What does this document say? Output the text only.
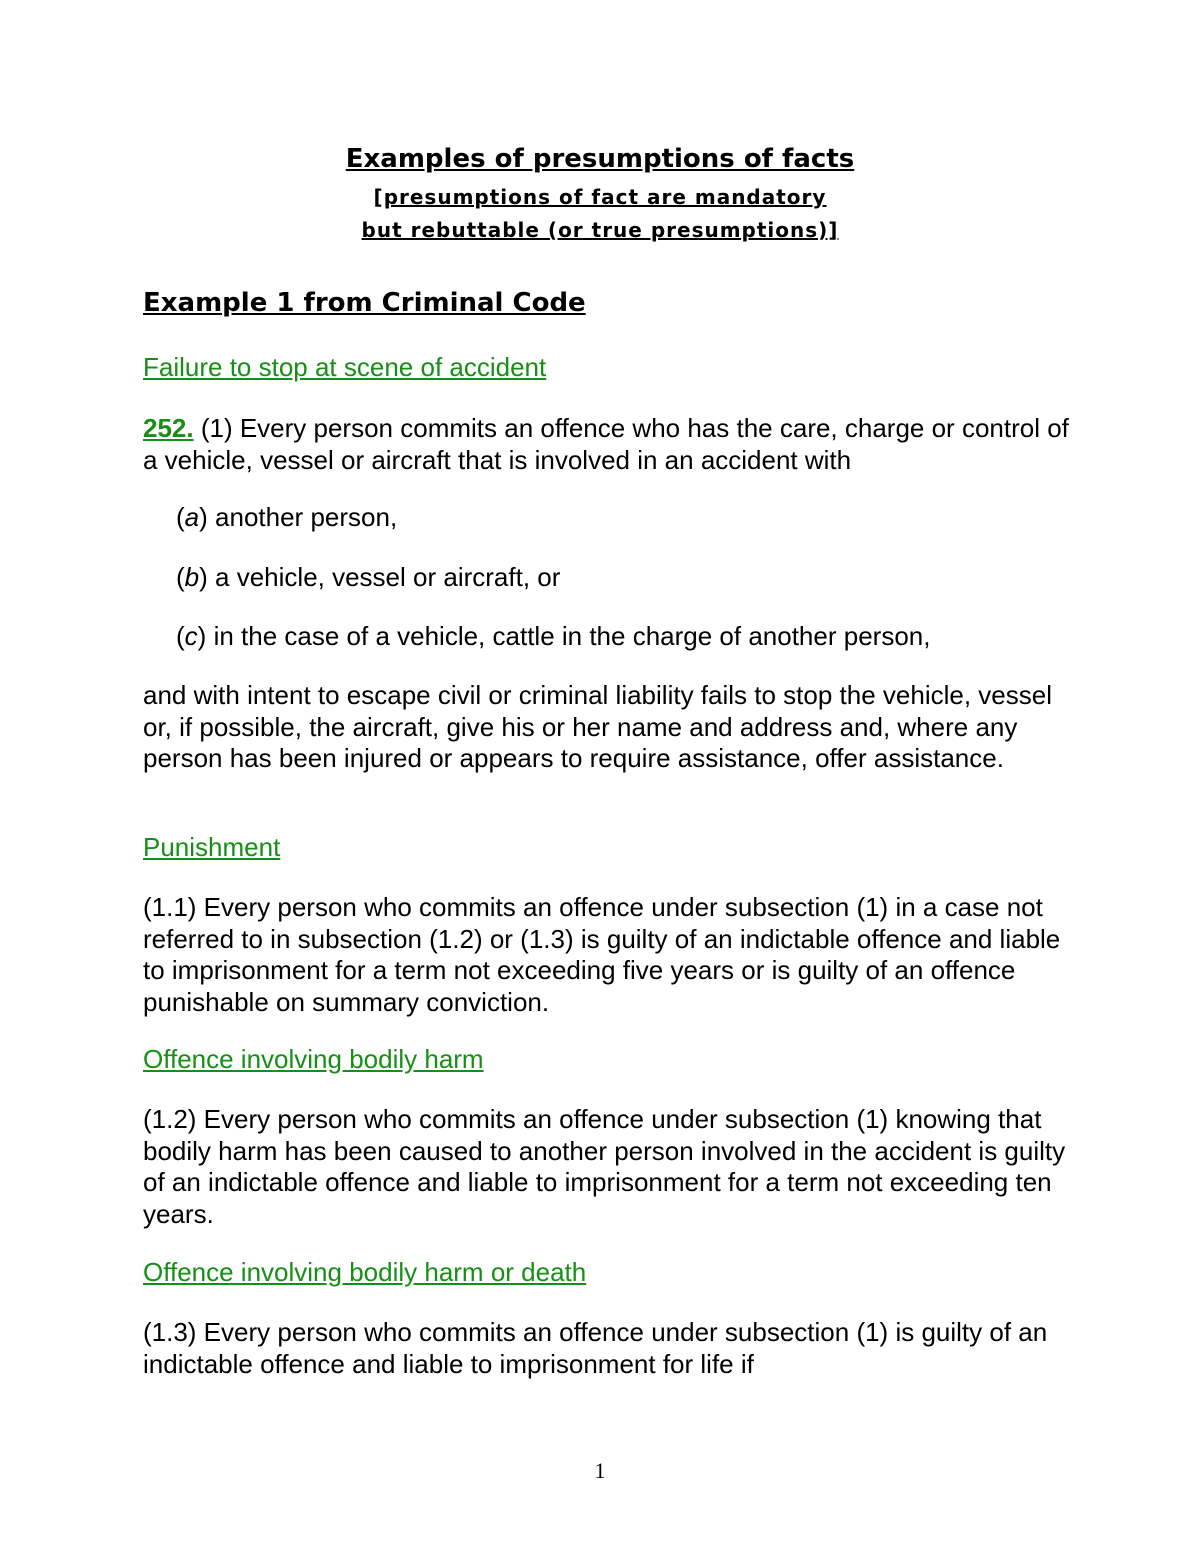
Examples of presumptions of facts
[presumptions of fact are mandatory
but rebuttable (or true presumptions)]
Example 1 from Criminal Code
Failure to stop at scene of accident
252. (1) Every person commits an offence who has the care, charge or control of a vehicle, vessel or aircraft that is involved in an accident with
(a) another person,
(b) a vehicle, vessel or aircraft, or
(c) in the case of a vehicle, cattle in the charge of another person,
and with intent to escape civil or criminal liability fails to stop the vehicle, vessel or, if possible, the aircraft, give his or her name and address and, where any person has been injured or appears to require assistance, offer assistance.
Punishment
(1.1) Every person who commits an offence under subsection (1) in a case not referred to in subsection (1.2) or (1.3) is guilty of an indictable offence and liable to imprisonment for a term not exceeding five years or is guilty of an offence punishable on summary conviction.
Offence involving bodily harm
(1.2) Every person who commits an offence under subsection (1) knowing that bodily harm has been caused to another person involved in the accident is guilty of an indictable offence and liable to imprisonment for a term not exceeding ten years.
Offence involving bodily harm or death
(1.3) Every person who commits an offence under subsection (1) is guilty of an indictable offence and liable to imprisonment for life if
1
